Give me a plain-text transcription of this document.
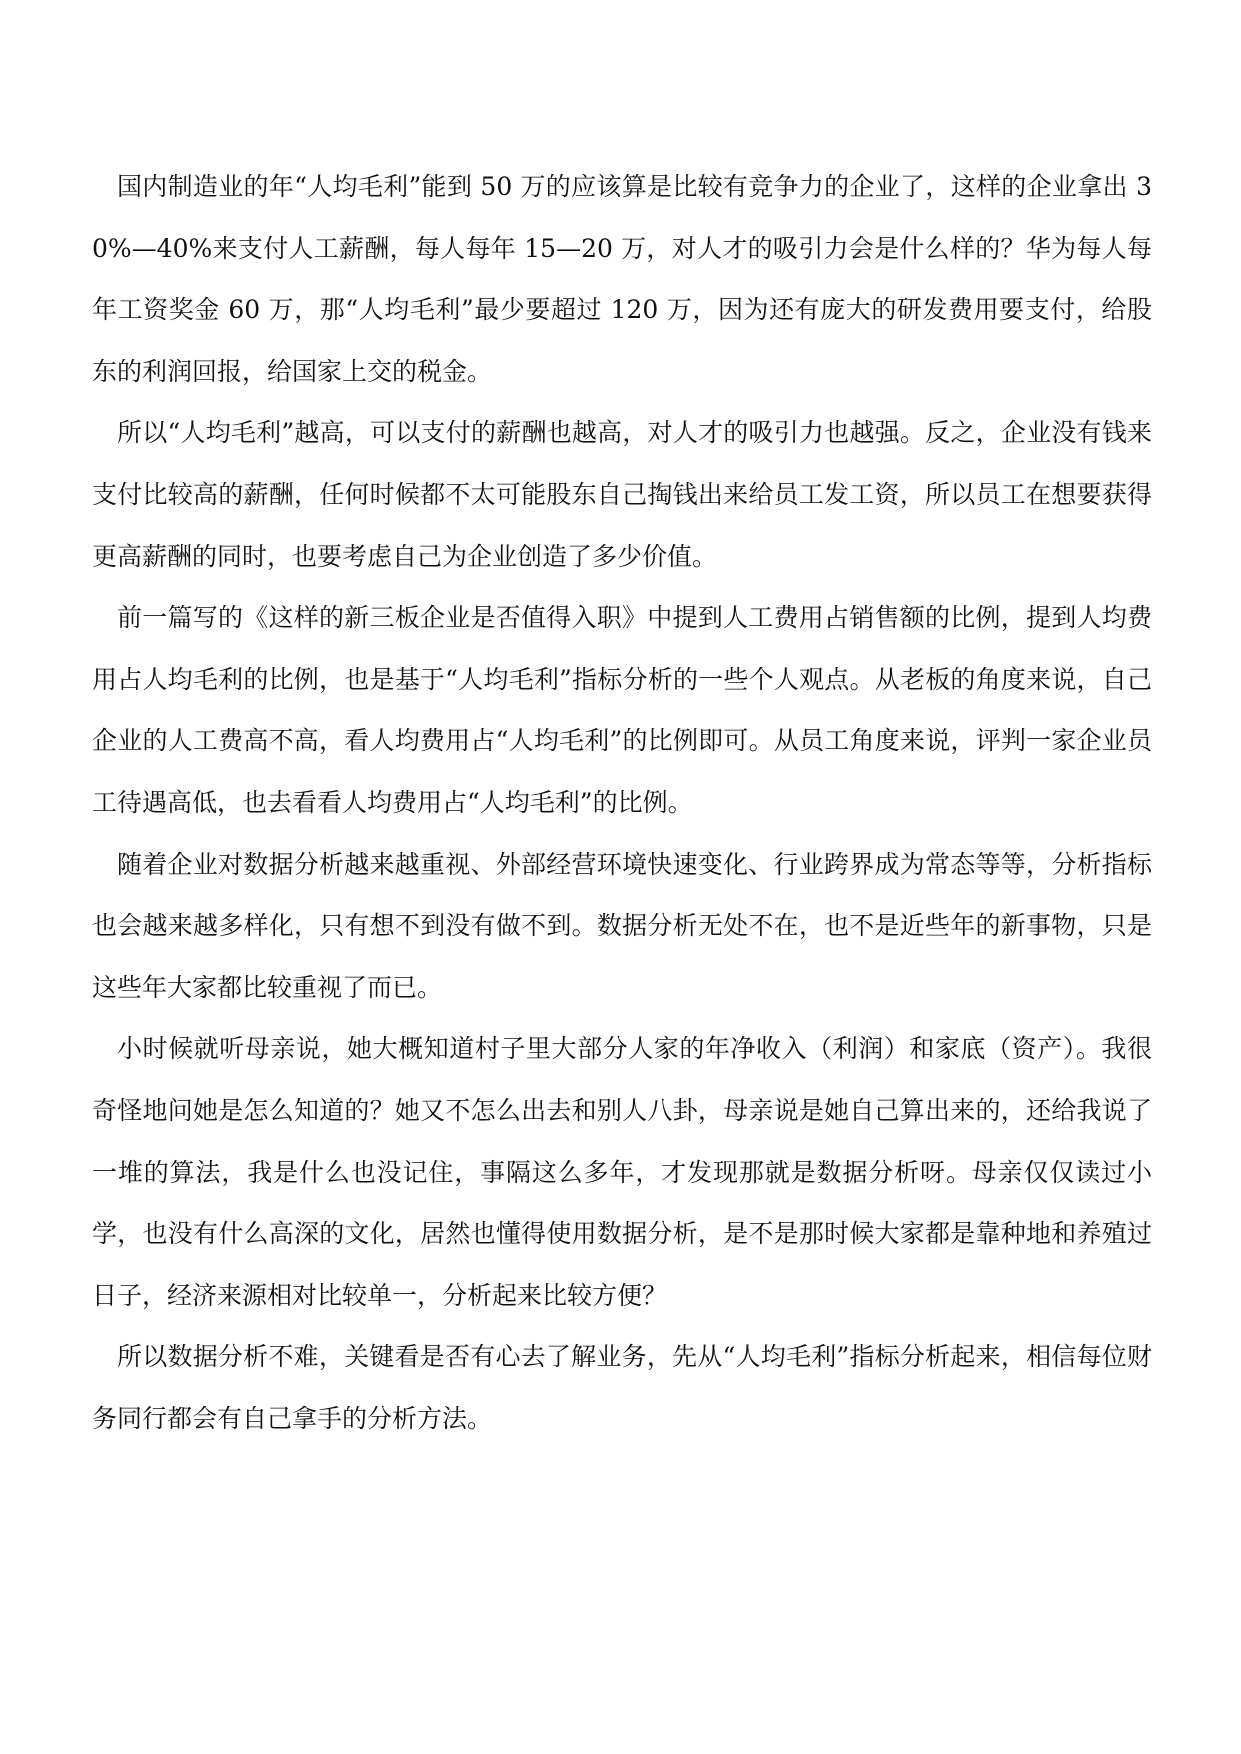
国内制造业的年“人均毛利”能到 50 万的应该算是比较有竞争力的企业了，这样的企业拿出 30%—40%来支付人工薪酬，每人每年 15—20 万，对人才的吸引力会是什么样的？华为每人每年工资奖金 60 万，那“人均毛利”最少要超过 120 万，因为还有庞大的研发费用要支付，给股东的利润回报，给国家上交的税金。

所以“人均毛利”越高，可以支付的薪酬也越高，对人才的吸引力也越强。反之，企业没有钱来支付比较高的薪酬，任何时候都不太可能股东自己掏钱出来给员工发工资，所以员工在想要获得更高薪酬的同时，也要考虑自己为企业创造了多少价值。

前一篇写的《这样的新三板企业是否值得入职》中提到人工费用占销售额的比例，提到人均费用占人均毛利的比例，也是基于“人均毛利”指标分析的一些个人观点。从老板的角度来说，自己企业的人工费高不高，看人均费用占“人均毛利”的比例即可。从员工角度来说，评判一家企业员工待遇高低，也去看看人均费用占“人均毛利”的比例。

随着企业对数据分析越来越重视、外部经营环境快速变化、行业跨界成为常态等等，分析指标也会越来越多样化，只有想不到没有做不到。数据分析无处不在，也不是近些年的新事物，只是这些年大家都比较重视了而已。

小时候就听母亲说，她大概知道村子里大部分人家的年净收入（利润）和家底（资产）。我很奇怪地问她是怎么知道的？她又不怎么出去和别人八卦，母亲说是她自己算出来的，还给我说了一堆的算法，我是什么也没记住，事隔这么多年，才发现那就是数据分析呀。母亲仅仅读过小学，也没有什么高深的文化，居然也懂得使用数据分析，是不是那时候大家都是靠种地和养殖过日子，经济来源相对比较单一，分析起来比较方便？

所以数据分析不难，关键看是否有心去了解业务，先从“人均毛利”指标分析起来，相信每位财务同行都会有自己拿手的分析方法。
